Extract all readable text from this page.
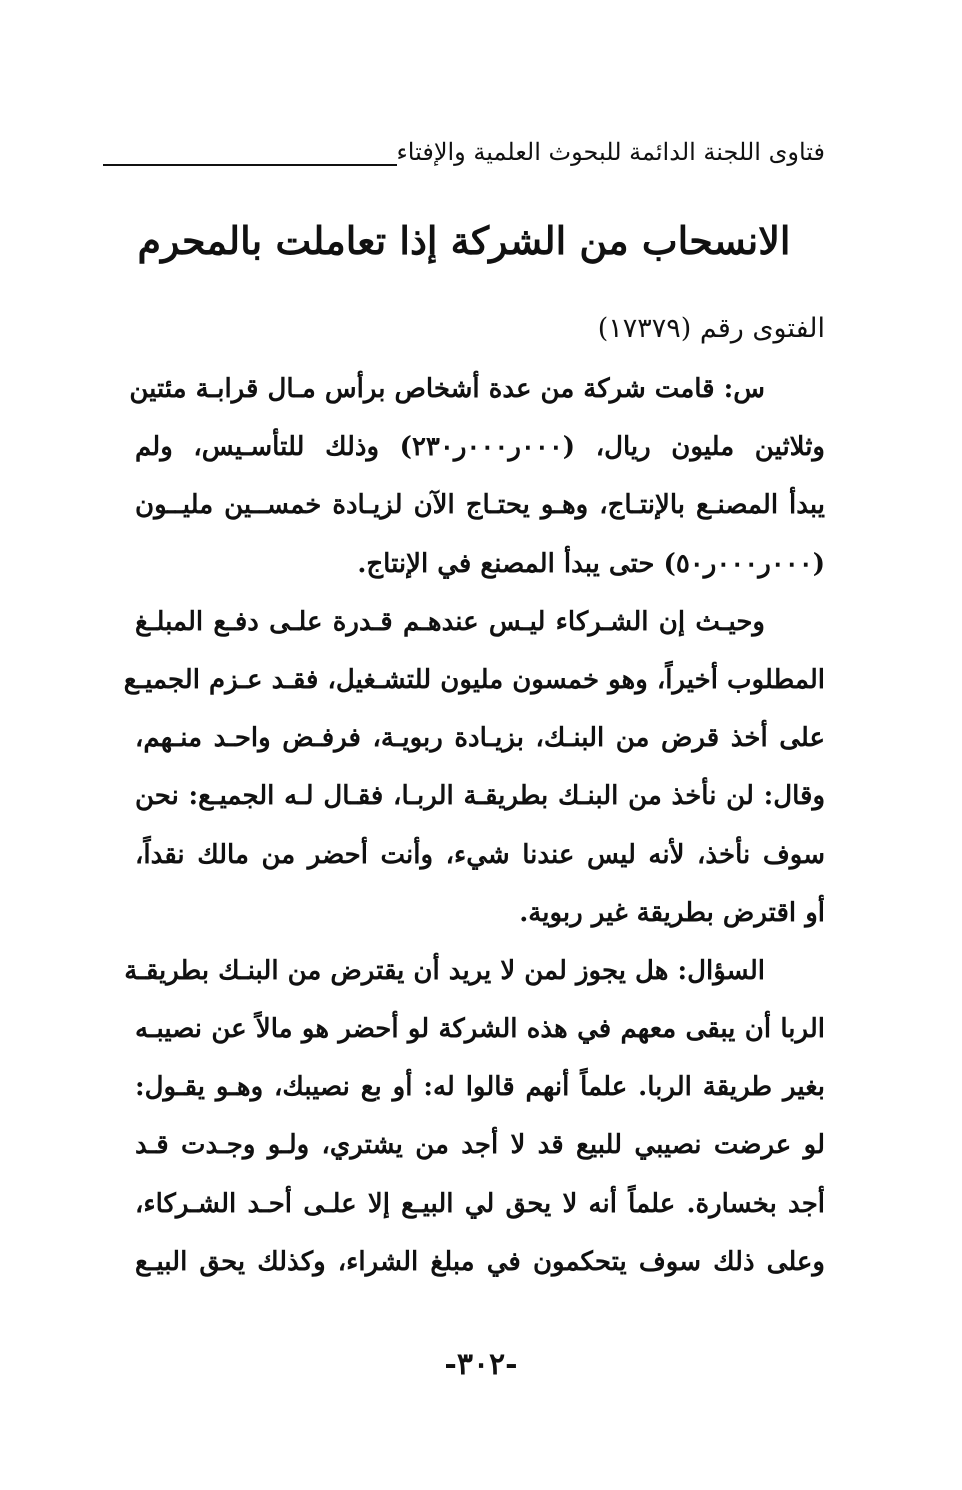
فتاوى اللجنة الدائمة للبحوث العلمية والإفتاء
الانسحاب من الشركة إذا تعاملت بالمحرم
الفتوى رقم (١٧٣٧٩)

س: قامت شركة من عدة أشخاص برأس مـال قرابـة مئتين
وثلاثين مليون ريال، (٠٠٠ر٠٠٠ر٢٣٠) وذلك للتأسـيس، ولم
يبدأ المصنـع بالإنتـاج، وهـو يحتـاج الآن لزيـادة خمســين مليــون
(٠٠٠ر٠٠٠ر٥٠) حتى يبدأ المصنع في الإنتاج.

وحيـث إن الشـركاء ليـس عندهـم قـدرة علـى دفـع المبلـغ
المطلوب أخيراً، وهو خمسون مليون للتشـغيل، فقـد عـزم الجميـع
على أخذ قرض من البنـك، بزيـادة ربويـة، فرفـض واحـد منـهم،
وقال: لن نأخذ من البنـك بطريقـة الربـا، فقـال لـه الجميـع: نحن
سوف نأخذ، لأنه ليس عندنا شيء، وأنت أحضر من مالك نقداً،
أو اقترض بطريقة غير ربوية.

السؤال: هل يجوز لمن لا يريد أن يقترض من البنـك بطريقـة
الربا أن يبقى معهم في هذه الشركة لو أحضر هو مالاً عن نصيبـه
بغير طريقة الربا. علماً أنهم قالوا له: أو بع نصيبك، وهـو يقـول:
لو عرضت نصيبي للبيع قد لا أجد من يشتري، ولـو وجـدت قـد
أجد بخسارة. علماً أنه لا يحق لي البيـع إلا علـى أحـد الشـركاء،
وعلى ذلك سوف يتحكمون في مبلغ الشراء، وكذلك يحق البيـع

-٣٠٢-
